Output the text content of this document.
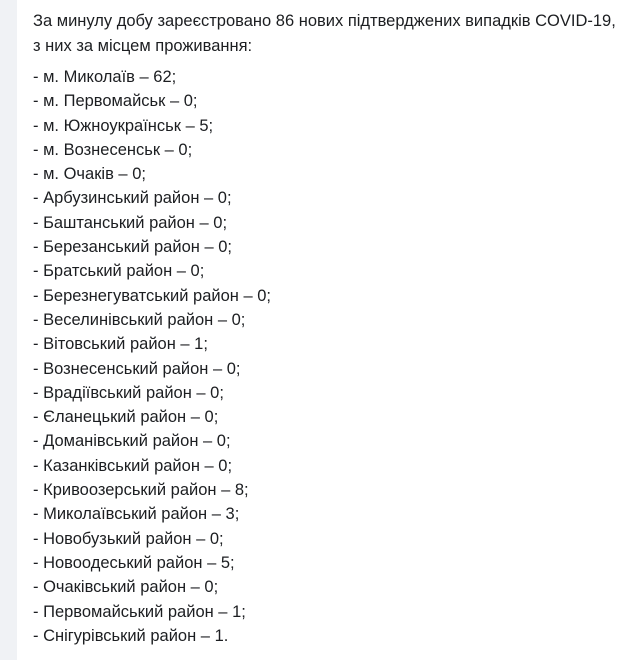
За минулу добу зареєстровано 86 нових підтверджених випадків COVID-19, з них за місцем проживання:

- м. Миколаїв – 62;
- м. Первомайськ – 0;
- м. Южноукраїнськ – 5;
- м. Вознесенськ – 0;
- м. Очаків – 0;
- Арбузинський район – 0;
- Баштанський район – 0;
- Березанський район – 0;
- Братський район – 0;
- Березнегуватський район – 0;
- Веселинівський район – 0;
- Вітовський район – 1;
- Вознесенський район – 0;
- Врадіївський район – 0;
- Єланецький район – 0;
- Доманівський район – 0;
- Казанківський район – 0;
- Кривоозерський район – 8;
- Миколаївський район – 3;
- Новобузький район – 0;
- Новоодеський район – 5;
- Очаківський район – 0;
- Первомайський район – 1;
- Снігурівський район – 1.
